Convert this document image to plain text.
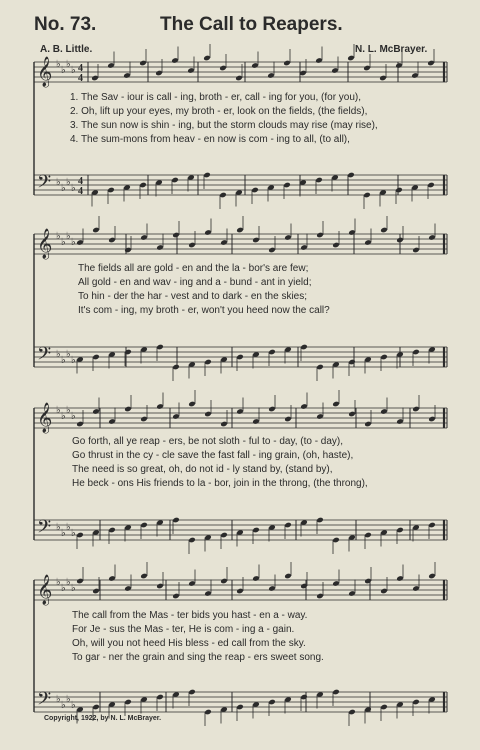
No. 73.	The Call to Reapers.
A. B. Little.	N. L. McBrayer.
𝄞
𝄢
♭
♭
♭
♭
♭
♭
♭
♭
4
4
4
4
𝄞
𝄢
♭
♭
♭
♭
♭
♭
♭
♭
𝄞
𝄢
♭
♭
♭
♭
♭
♭
♭
♭
𝄞
𝄢
♭
♭
♭
♭
♭
♭
♭
♭
1. The Sav - iour is call - ing, broth - er, call - ing for you, (for you),
2. Oh, lift up your eyes, my broth - er, look on the fields, (the fields),
3. The sun now is shin - ing, but the storm clouds may rise (may rise),
4. The sum-mons from heav - en now is com - ing to all, (to all),
The fields all are gold - en and the la - bor's are few;
All gold - en and wav - ing and a - bund - ant in yield;
To hin - der the har - vest and to dark - en the skies;
It's com - ing, my broth - er, won't you heed now the call?
Go forth, all ye reap - ers, be not sloth - ful to - day, (to - day),
Go thrust in the cy - cle save the fast fall - ing grain, (oh, haste),
The need is so great, oh, do not id - ly stand by, (stand by),
He beck - ons His friends to la - bor, join in the throng, (the throng),
The call from the Mas - ter bids you hast - en a - way.
For Je - sus the Mas - ter, He is com - ing a - gain.
Oh, will you not heed His bless - ed call from the sky.
To gar - ner the grain and sing the reap - ers sweet song.
Copyright, 1922, by N. L. McBrayer.
